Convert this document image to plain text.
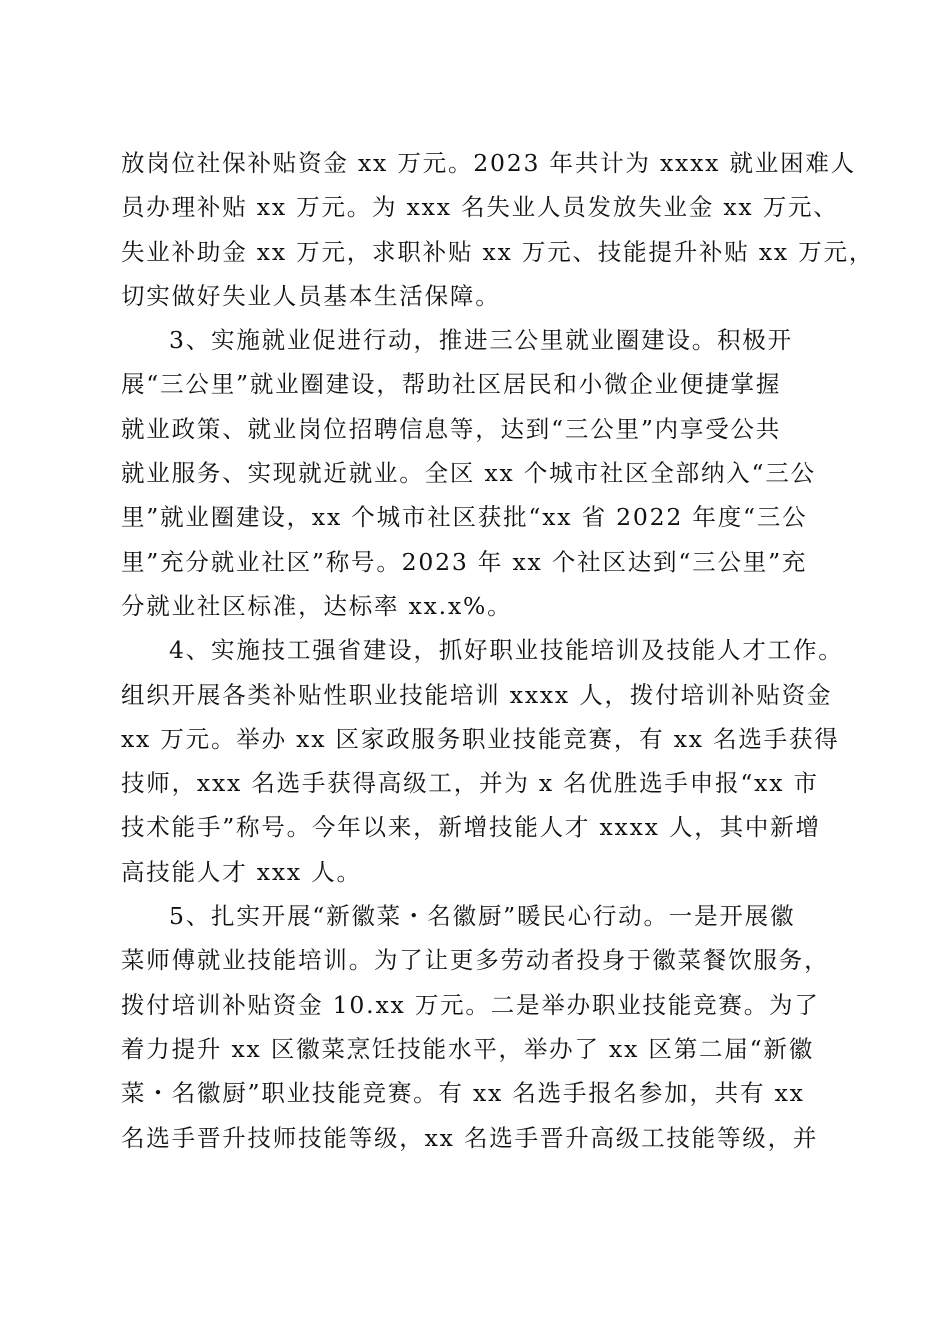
放岗位社保补贴资金 xx 万元。2023 年共计为 xxxx 就业困难人
员办理补贴 xx 万元。为 xxx 名失业人员发放失业金 xx 万元、
失业补助金 xx 万元，求职补贴 xx 万元、技能提升补贴 xx 万元，
切实做好失业人员基本生活保障。
3、实施就业促进行动，推进三公里就业圈建设。积极开
展“三公里”就业圈建设，帮助社区居民和小微企业便捷掌握
就业政策、就业岗位招聘信息等，达到“三公里”内享受公共
就业服务、实现就近就业。全区 xx 个城市社区全部纳入“三公
里”就业圈建设，xx 个城市社区获批“xx 省 2022 年度“三公
里”充分就业社区”称号。2023 年 xx 个社区达到“三公里”充
分就业社区标准，达标率 xx.x%。
4、实施技工强省建设，抓好职业技能培训及技能人才工作。
组织开展各类补贴性职业技能培训 xxxx 人，拨付培训补贴资金
xx 万元。举办 xx 区家政服务职业技能竞赛，有 xx 名选手获得
技师，xxx 名选手获得高级工，并为 x 名优胜选手申报“xx 市
技术能手”称号。今年以来，新增技能人才 xxxx 人，其中新增
高技能人才 xxx 人。
5、扎实开展“新徽菜・名徽厨”暖民心行动。一是开展徽
菜师傅就业技能培训。为了让更多劳动者投身于徽菜餐饮服务，
拨付培训补贴资金 10.xx 万元。二是举办职业技能竞赛。为了
着力提升 xx 区徽菜烹饪技能水平，举办了 xx 区第二届“新徽
菜・名徽厨”职业技能竞赛。有 xx 名选手报名参加，共有 xx
名选手晋升技师技能等级，xx 名选手晋升高级工技能等级，并
